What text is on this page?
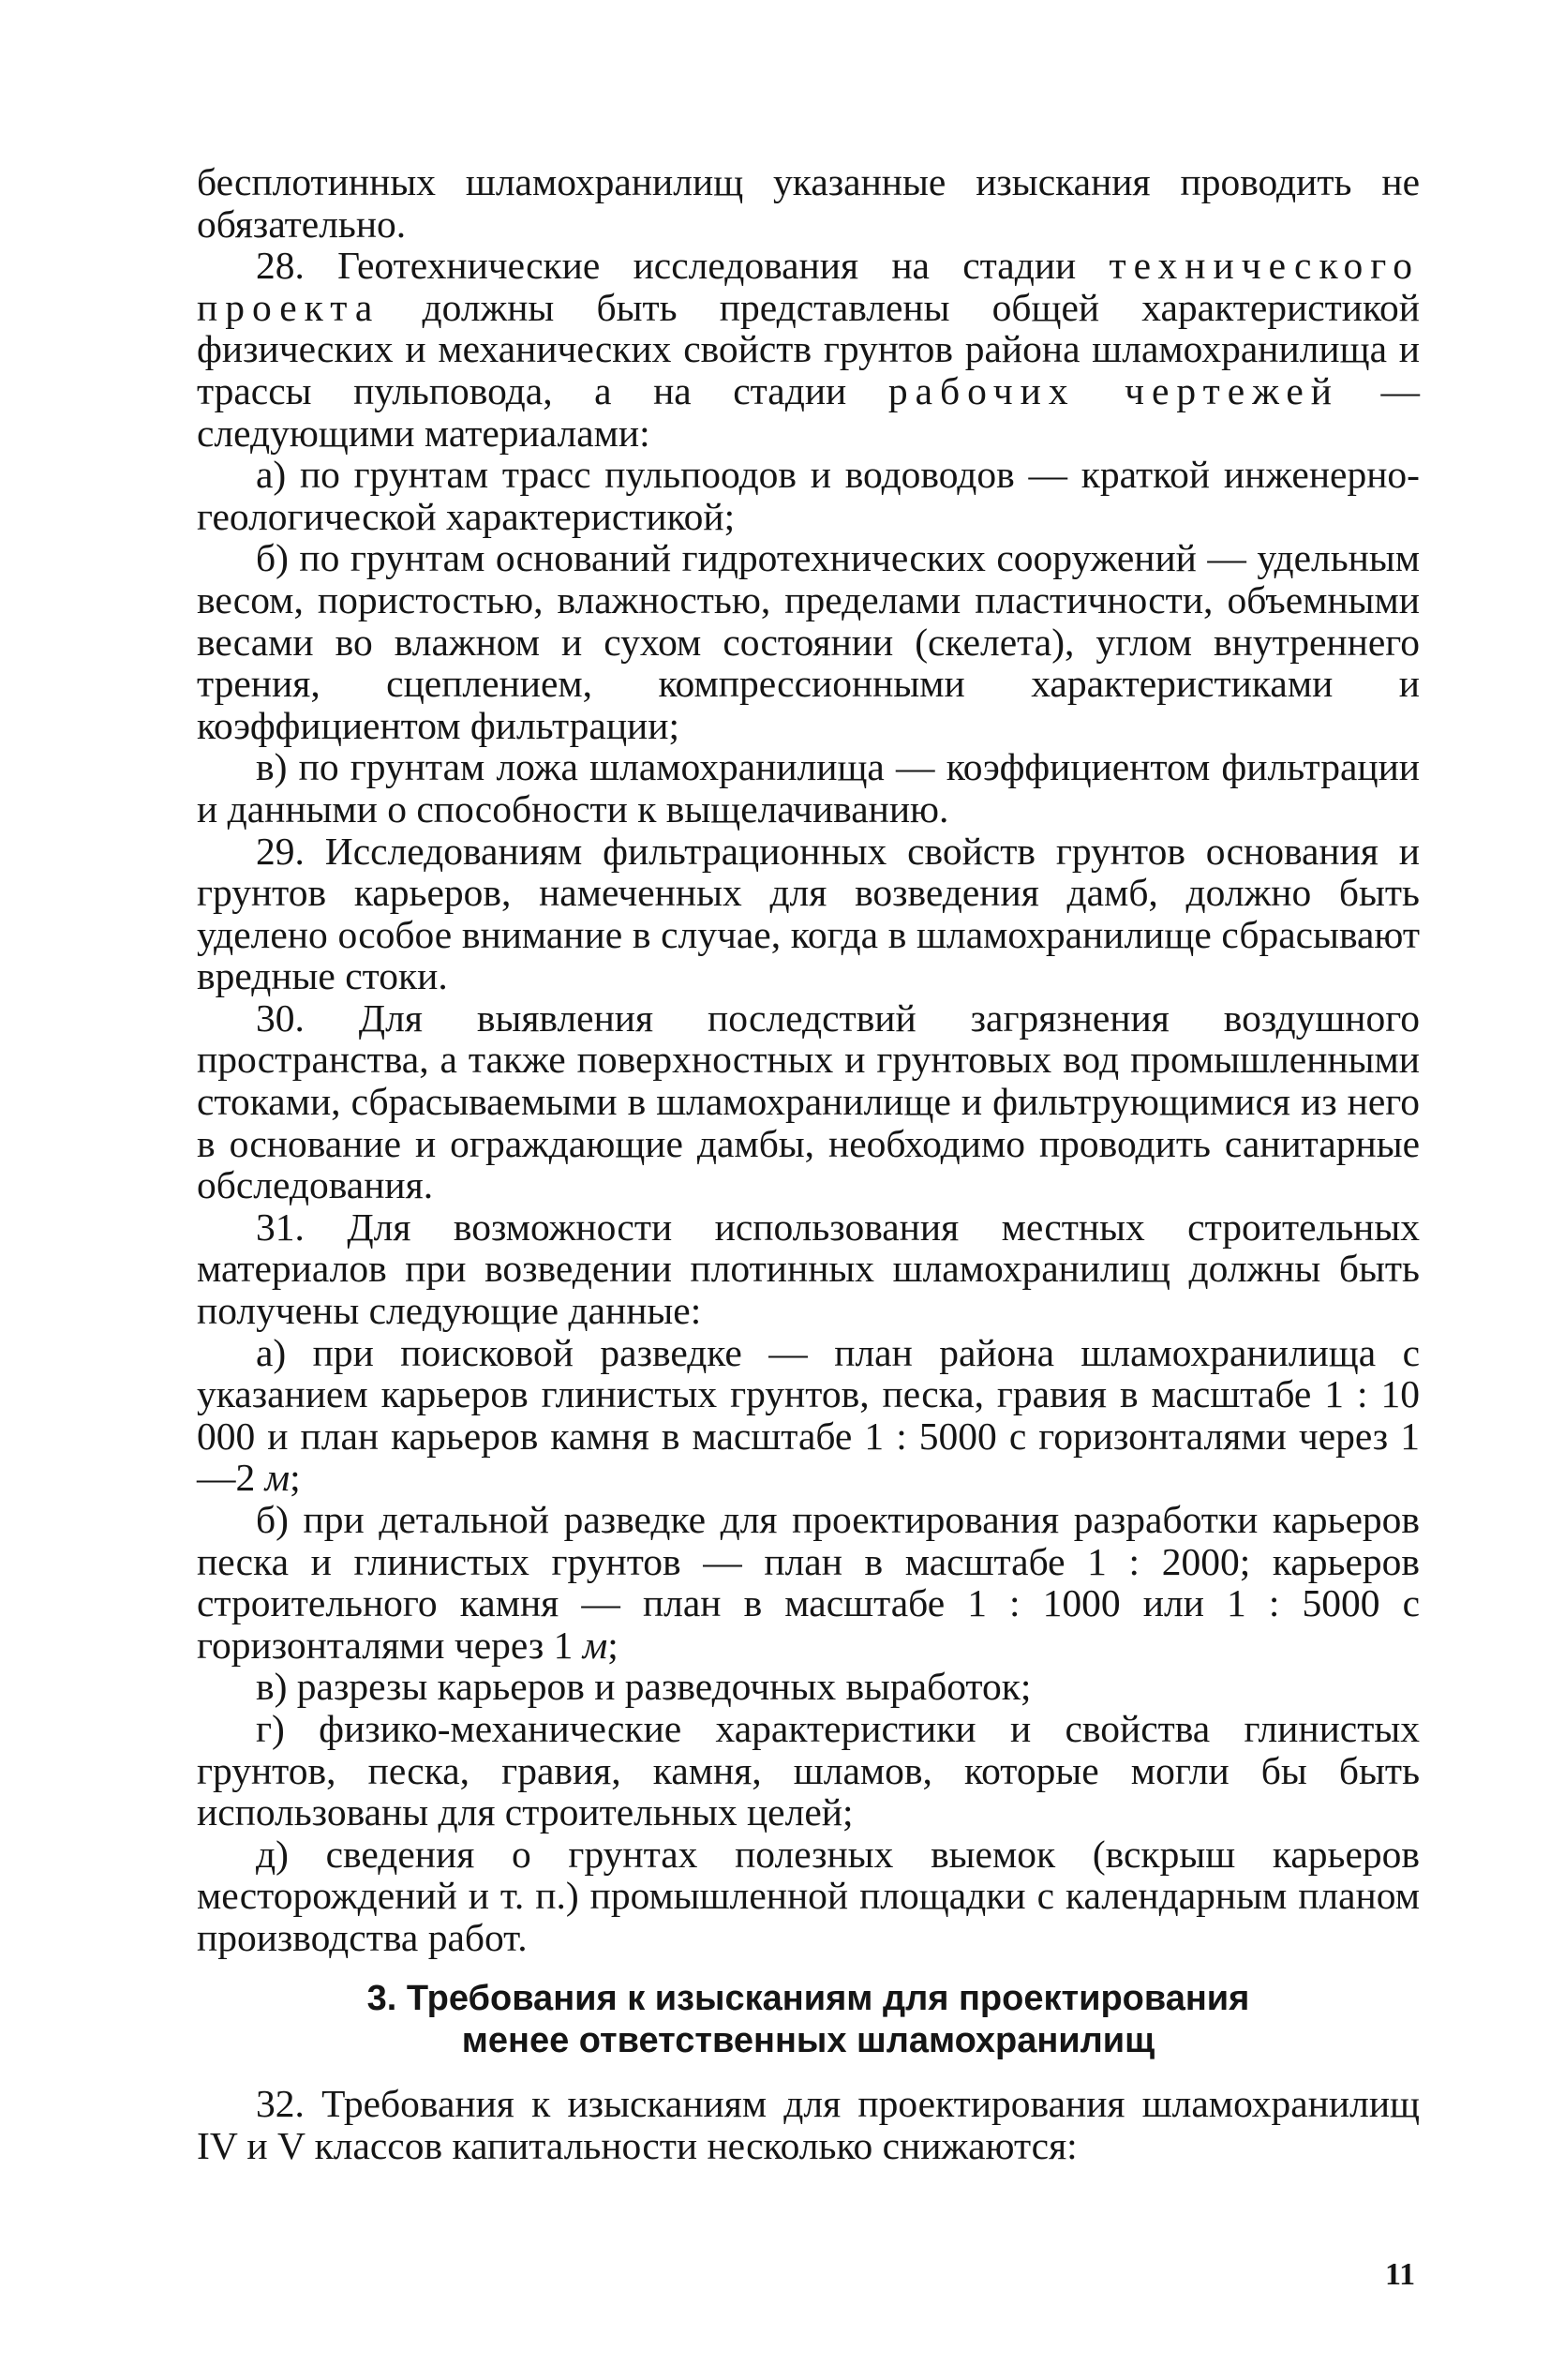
бесплотинных шламохранилищ указанные изыскания проводить не обязательно.

28. Геотехнические исследования на стадии технического проекта должны быть представлены общей характеристикой физических и механических свойств грунтов района шламохранилища и трассы пульповода, а на стадии рабочих чертежей — следующими материалами:

а) по грунтам трасс пульпоодов и водоводов — краткой инженерно-геологической характеристикой;

б) по грунтам оснований гидротехнических сооружений — удельным весом, пористостью, влажностью, пределами пластичности, объемными весами во влажном и сухом состоянии (скелета), углом внутреннего трения, сцеплением, компрессионными характеристиками и коэффициентом фильтрации;

в) по грунтам ложа шламохранилища — коэффициентом фильтрации и данными о способности к выщелачиванию.

29. Исследованиям фильтрационных свойств грунтов основания и грунтов карьеров, намеченных для возведения дамб, должно быть уделено особое внимание в случае, когда в шламохранилище сбрасывают вредные стоки.

30. Для выявления последствий загрязнения воздушного пространства, а также поверхностных и грунтовых вод промышленными стоками, сбрасываемыми в шламохранилище и фильтрующимися из него в основание и ограждающие дамбы, необходимо проводить санитарные обследования.

31. Для возможности использования местных строительных материалов при возведении плотинных шламохранилищ должны быть получены следующие данные:

а) при поисковой разведке — план района шламохранилища с указанием карьеров глинистых грунтов, песка, гравия в масштабе 1 : 10 000 и план карьеров камня в масштабе 1 : 5000 с горизонталями через 1—2 м;

б) при детальной разведке для проектирования разработки карьеров песка и глинистых грунтов — план в масштабе 1 : 2000; карьеров строительного камня — план в масштабе 1 : 1000 или 1 : 5000 с горизонталями через 1 м;

в) разрезы карьеров и разведочных выработок;

г) физико-механические характеристики и свойства глинистых грунтов, песка, гравия, камня, шламов, которые могли бы быть использованы для строительных целей;

д) сведения о грунтах полезных выемок (вскрыш карьеров месторождений и т. п.) промышленной площадки с календарным планом производства работ.

3. Требования к изысканиям для проектирования
менее ответственных шламохранилищ

32. Требования к изысканиям для проектирования шламохранилищ IV и V классов капитальности несколько снижаются:

11
